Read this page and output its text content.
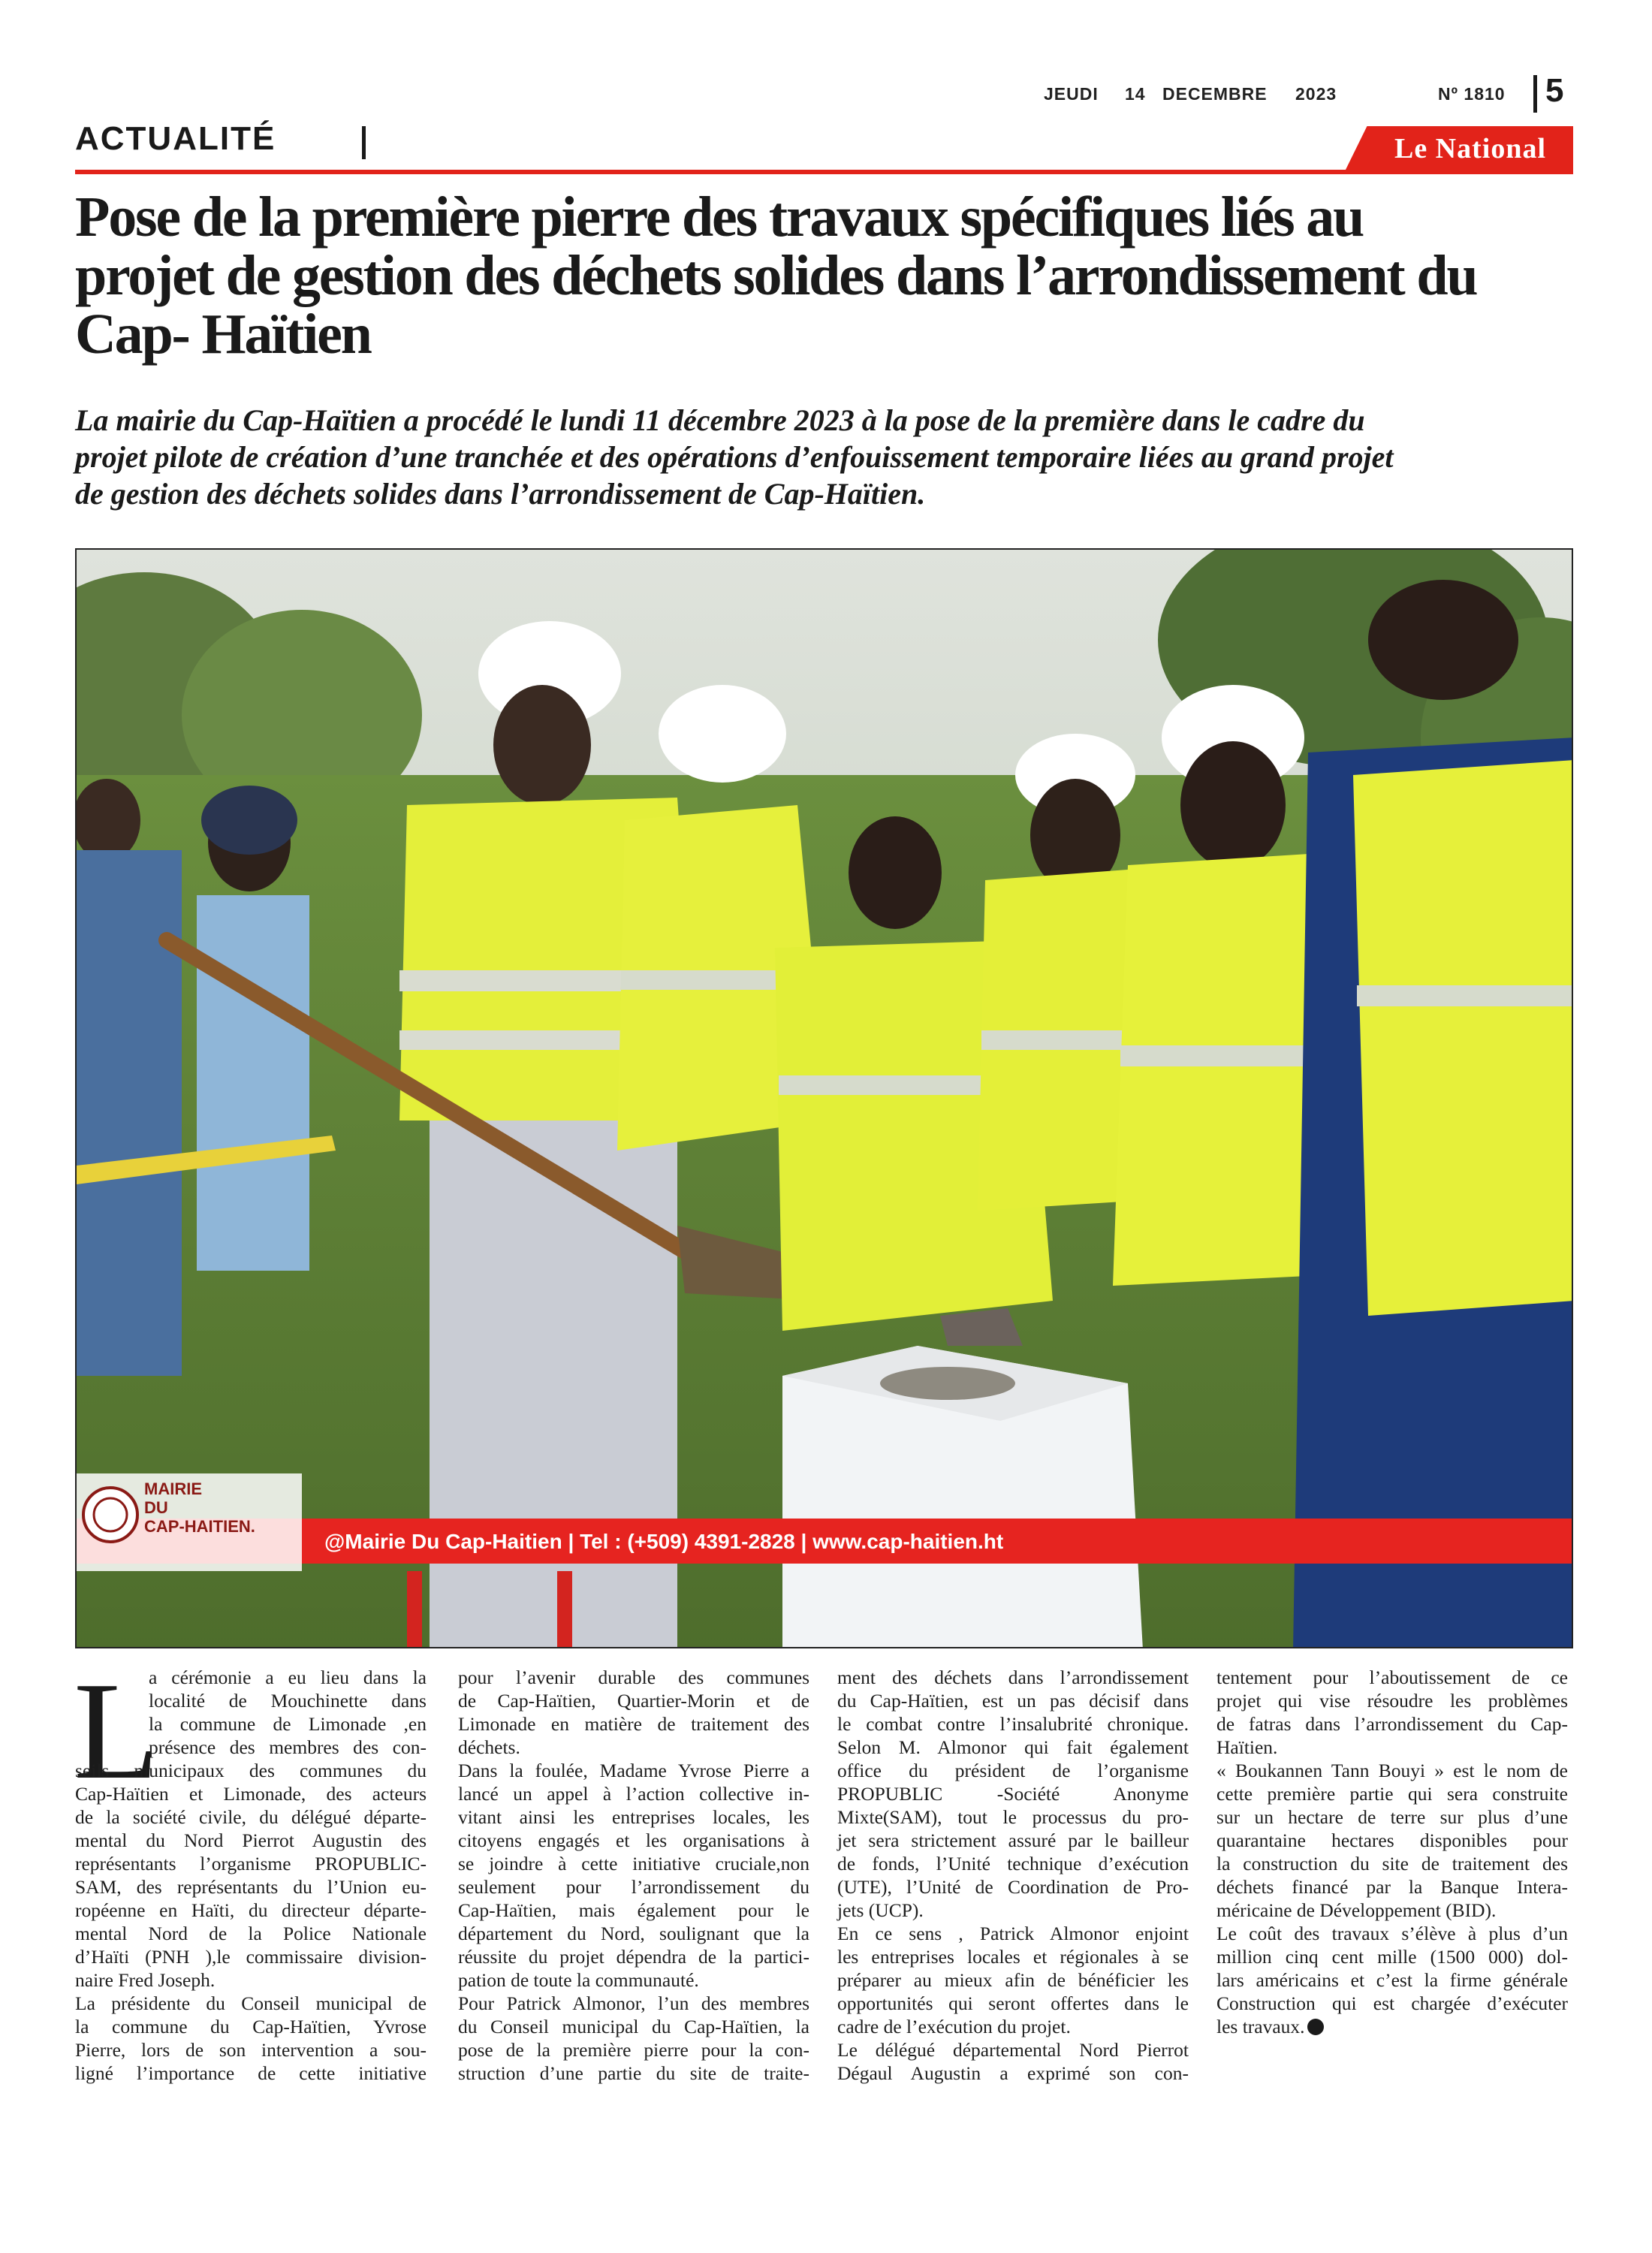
JEUDI 14 DECEMBRE 2023	Nº 1810 5
ACTUALITÉ	Le National
Pose de la première pierre des travaux spécifiques liés au
projet de gestion des déchets solides dans l’arrondissement du
Cap- Haïtien
La mairie du Cap-Haïtien a procédé le lundi 11 décembre 2023 à la pose de la première dans le cadre du
projet pilote de création d’une tranchée et des opérations d’enfouissement temporaire liées au grand projet
de gestion des déchets solides dans l’arrondissement de Cap-Haïtien.
MAIRIE
DU
CAP-HAITIEN.
@Mairie Du Cap-Haitien | Tel : (+509) 4391-2828 | www.cap-haitien.ht
L
a cérémonie a eu lieu dans la
localité de Mouchinette dans
la commune de Limonade ,en
présence des membres des con-
seils municipaux des communes du
Cap-Haïtien et Limonade, des acteurs
de la société civile, du délégué départe-
mental du Nord Pierrot Augustin des
représentants l’organisme PROPUBLIC-
SAM, des représentants du l’Union eu-
ropéenne en Haïti, du directeur départe-
mental Nord de la Police Nationale
d’Haïti (PNH ),le commissaire division-
naire Fred Joseph.
La présidente du Conseil municipal de
la commune du Cap-Haïtien, Yvrose
Pierre, lors de son intervention a sou-
ligné l’importance de cette initiative
pour l’avenir durable des communes
de Cap-Haïtien, Quartier-Morin et de
Limonade en matière de traitement des
déchets.
Dans la foulée, Madame Yvrose Pierre a
lancé un appel à l’action collective in-
vitant ainsi les entreprises locales, les
citoyens engagés et les organisations à
se joindre à cette initiative cruciale,non
seulement pour l’arrondissement du
Cap-Haïtien, mais également pour le
département du Nord, soulignant que la
réussite du projet dépendra de la partici-
pation de toute la communauté.
Pour Patrick Almonor, l’un des membres
du Conseil municipal du Cap-Haïtien, la
pose de la première pierre pour la con-
struction d’une partie du site de traite-
ment des déchets dans l’arrondissement
du Cap-Haïtien, est un pas décisif dans
le combat contre l’insalubrité chronique.
Selon M. Almonor qui fait également
office du président de l’organisme
PROPUBLIC -Société Anonyme
Mixte(SAM), tout le processus du pro-
jet sera strictement assuré par le bailleur
de fonds, l’Unité technique d’exécution
(UTE), l’Unité de Coordination de Pro-
jets (UCP).
En ce sens , Patrick Almonor enjoint
les entreprises locales et régionales à se
préparer au mieux afin de bénéficier les
opportunités qui seront offertes dans le
cadre de l’exécution du projet.
Le délégué départemental Nord Pierrot
Dégaul Augustin a exprimé son con-
tentement pour l’aboutissement de ce
projet qui vise résoudre les problèmes
de fatras dans l’arrondissement du Cap-
Haïtien.
« Boukannen Tann Bouyi » est le nom de
cette première partie qui sera construite
sur un hectare de terre sur plus d’une
quarantaine hectares disponibles pour
la construction du site de traitement des
déchets financé par la Banque Intera-
méricaine de Développement (BID).
Le coût des travaux s’élève à plus d’un
million cinq cent mille (1500 000) dol-
lars américains et c’est la firme générale
Construction qui est chargée d’exécuter
les travaux.
